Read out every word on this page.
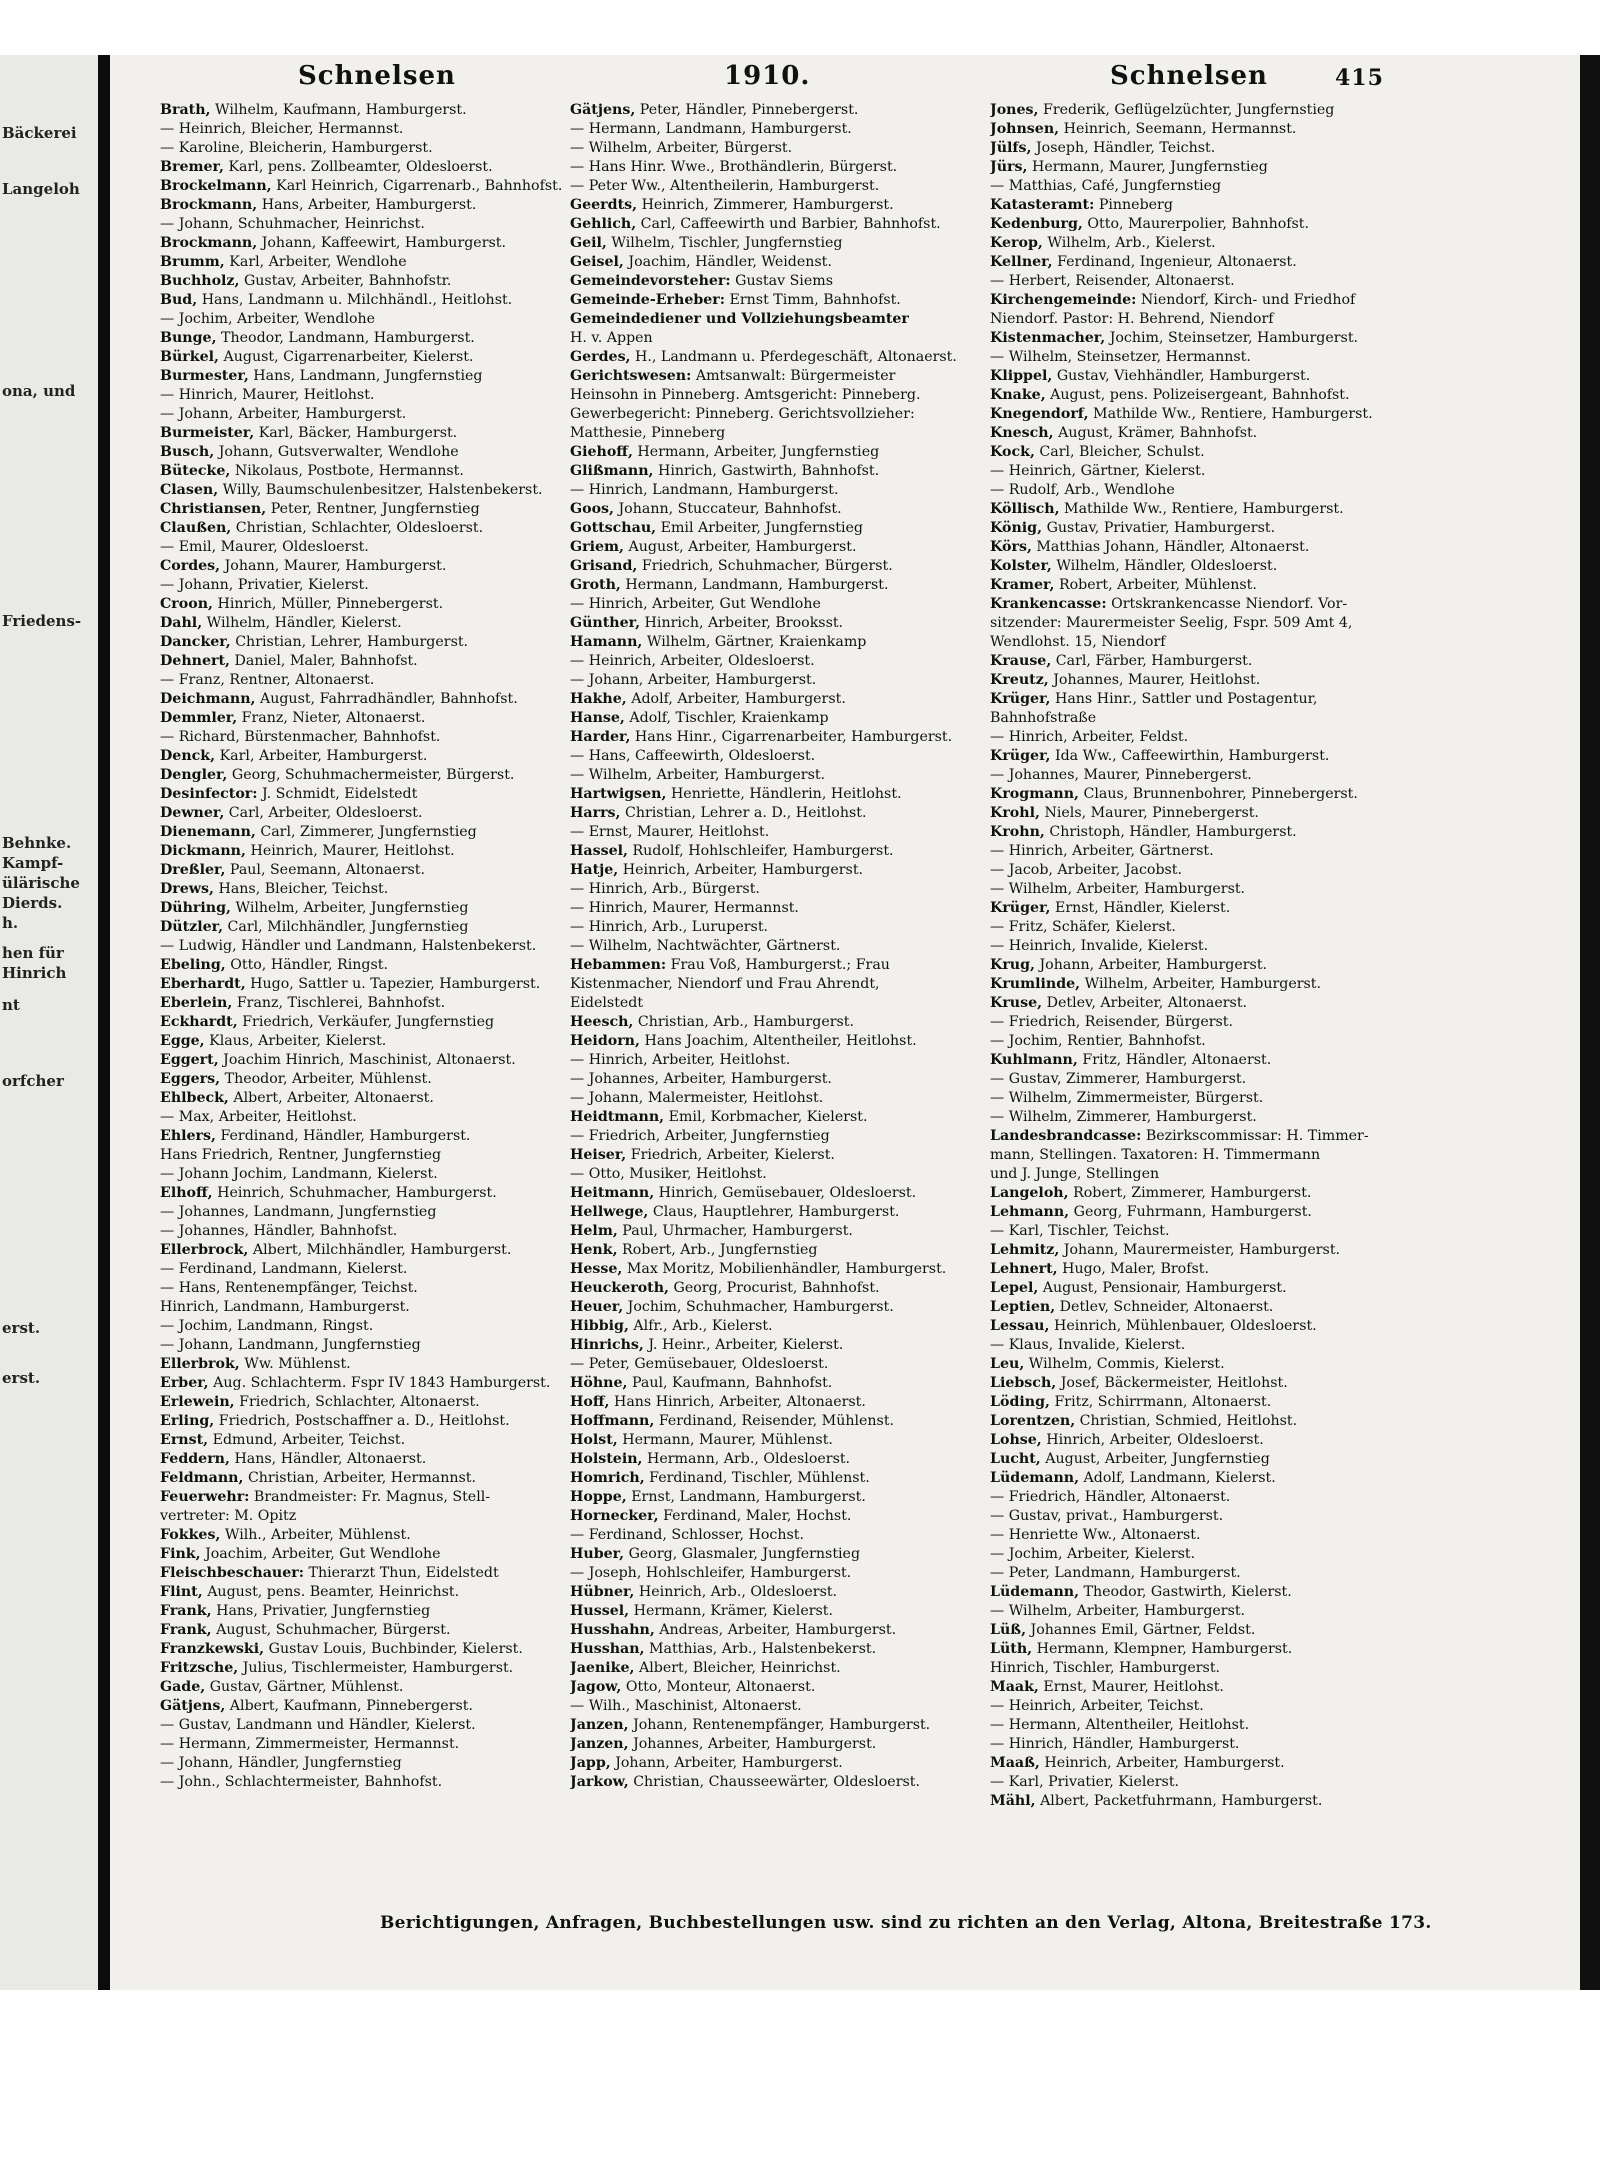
Bäckerei
Langeloh
ona, und
Friedens-
Behnke.
Kampf-
ülärische
Dierds.
h.
hen für
Hinrich
nt
orfcher
erst.
erst.
Schnelsen	1910.	Schnelsen	415
Brath, Wilhelm, Kaufmann, Hamburgerst.
— Heinrich, Bleicher, Hermannst.
— Karoline, Bleicherin, Hamburgerst.
Bremer, Karl, pens. Zollbeamter, Oldesloerst.
Brockelmann, Karl Heinrich, Cigarrenarb., Bahnhofst.
Brockmann, Hans, Arbeiter, Hamburgerst.
— Johann, Schuhmacher, Heinrichst.
Brockmann, Johann, Kaffeewirt, Hamburgerst.
Brumm, Karl, Arbeiter, Wendlohe
Buchholz, Gustav, Arbeiter, Bahnhofstr.
Bud, Hans, Landmann u. Milchhändl., Heitlohst.
— Jochim, Arbeiter, Wendlohe
Bunge, Theodor, Landmann, Hamburgerst.
Bürkel, August, Cigarrenarbeiter, Kielerst.
Burmester, Hans, Landmann, Jungfernstieg
— Hinrich, Maurer, Heitlohst.
— Johann, Arbeiter, Hamburgerst.
Burmeister, Karl, Bäcker, Hamburgerst.
Busch, Johann, Gutsverwalter, Wendlohe
Bütecke, Nikolaus, Postbote, Hermannst.
Clasen, Willy, Baumschulenbesitzer, Halstenbekerst.
Christiansen, Peter, Rentner, Jungfernstieg
Claußen, Christian, Schlachter, Oldesloerst.
— Emil, Maurer, Oldesloerst.
Cordes, Johann, Maurer, Hamburgerst.
— Johann, Privatier, Kielerst.
Croon, Hinrich, Müller, Pinnebergerst.
Dahl, Wilhelm, Händler, Kielerst.
Dancker, Christian, Lehrer, Hamburgerst.
Dehnert, Daniel, Maler, Bahnhofst.
— Franz, Rentner, Altonaerst.
Deichmann, August, Fahrradhändler, Bahnhofst.
Demmler, Franz, Nieter, Altonaerst.
— Richard, Bürstenmacher, Bahnhofst.
Denck, Karl, Arbeiter, Hamburgerst.
Dengler, Georg, Schuhmachermeister, Bürgerst.
Desinfector: J. Schmidt, Eidelstedt
Dewner, Carl, Arbeiter, Oldesloerst.
Dienemann, Carl, Zimmerer, Jungfernstieg
Dickmann, Heinrich, Maurer, Heitlohst.
Dreßler, Paul, Seemann, Altonaerst.
Drews, Hans, Bleicher, Teichst.
Dühring, Wilhelm, Arbeiter, Jungfernstieg
Dützler, Carl, Milchhändler, Jungfernstieg
— Ludwig, Händler und Landmann, Halstenbekerst.
Ebeling, Otto, Händler, Ringst.
Eberhardt, Hugo, Sattler u. Tapezier, Hamburgerst.
Eberlein, Franz, Tischlerei, Bahnhofst.
Eckhardt, Friedrich, Verkäufer, Jungfernstieg
Egge, Klaus, Arbeiter, Kielerst.
Eggert, Joachim Hinrich, Maschinist, Altonaerst.
Eggers, Theodor, Arbeiter, Mühlenst.
Ehlbeck, Albert, Arbeiter, Altonaerst.
— Max, Arbeiter, Heitlohst.
Ehlers, Ferdinand, Händler, Hamburgerst.
Hans Friedrich, Rentner, Jungfernstieg
— Johann Jochim, Landmann, Kielerst.
Elhoff, Heinrich, Schuhmacher, Hamburgerst.
— Johannes, Landmann, Jungfernstieg
— Johannes, Händler, Bahnhofst.
Ellerbrock, Albert, Milchhändler, Hamburgerst.
— Ferdinand, Landmann, Kielerst.
— Hans, Rentenempfänger, Teichst.
Hinrich, Landmann, Hamburgerst.
— Jochim, Landmann, Ringst.
— Johann, Landmann, Jungfernstieg
Ellerbrok, Ww. Mühlenst.
Erber, Aug. Schlachterm. Fspr IV 1843 Hamburgerst.
Erlewein, Friedrich, Schlachter, Altonaerst.
Erling, Friedrich, Postschaffner a. D., Heitlohst.
Ernst, Edmund, Arbeiter, Teichst.
Feddern, Hans, Händler, Altonaerst.
Feldmann, Christian, Arbeiter, Hermannst.
Feuerwehr: Brandmeister: Fr. Magnus, Stell-
vertreter: M. Opitz
Fokkes, Wilh., Arbeiter, Mühlenst.
Fink, Joachim, Arbeiter, Gut Wendlohe
Fleischbeschauer: Thierarzt Thun, Eidelstedt
Flint, August, pens. Beamter, Heinrichst.
Frank, Hans, Privatier, Jungfernstieg
Frank, August, Schuhmacher, Bürgerst.
Franzkewski, Gustav Louis, Buchbinder, Kielerst.
Fritzsche, Julius, Tischlermeister, Hamburgerst.
Gade, Gustav, Gärtner, Mühlenst.
Gätjens, Albert, Kaufmann, Pinnebergerst.
— Gustav, Landmann und Händler, Kielerst.
— Hermann, Zimmermeister, Hermannst.
— Johann, Händler, Jungfernstieg
— John., Schlachtermeister, Bahnhofst.
Gätjens, Peter, Händler, Pinnebergerst.
— Hermann, Landmann, Hamburgerst.
— Wilhelm, Arbeiter, Bürgerst.
— Hans Hinr. Wwe., Brothändlerin, Bürgerst.
— Peter Ww., Altentheilerin, Hamburgerst.
Geerdts, Heinrich, Zimmerer, Hamburgerst.
Gehlich, Carl, Caffeewirth und Barbier, Bahnhofst.
Geil, Wilhelm, Tischler, Jungfernstieg
Geisel, Joachim, Händler, Weidenst.
Gemeindevorsteher: Gustav Siems
Gemeinde-Erheber: Ernst Timm, Bahnhofst.
Gemeindediener und Vollziehungsbeamter
H. v. Appen
Gerdes, H., Landmann u. Pferdegeschäft, Altonaerst.
Gerichtswesen: Amtsanwalt: Bürgermeister
Heinsohn in Pinneberg. Amtsgericht: Pinneberg.
Gewerbegericht: Pinneberg. Gerichtsvollzieher:
Matthesie, Pinneberg
Giehoff, Hermann, Arbeiter, Jungfernstieg
Glißmann, Hinrich, Gastwirth, Bahnhofst.
— Hinrich, Landmann, Hamburgerst.
Goos, Johann, Stuccateur, Bahnhofst.
Gottschau, Emil Arbeiter, Jungfernstieg
Griem, August, Arbeiter, Hamburgerst.
Grisand, Friedrich, Schuhmacher, Bürgerst.
Groth, Hermann, Landmann, Hamburgerst.
— Hinrich, Arbeiter, Gut Wendlohe
Günther, Hinrich, Arbeiter, Brooksst.
Hamann, Wilhelm, Gärtner, Kraienkamp
— Heinrich, Arbeiter, Oldesloerst.
— Johann, Arbeiter, Hamburgerst.
Hakhe, Adolf, Arbeiter, Hamburgerst.
Hanse, Adolf, Tischler, Kraienkamp
Harder, Hans Hinr., Cigarrenarbeiter, Hamburgerst.
— Hans, Caffeewirth, Oldesloerst.
— Wilhelm, Arbeiter, Hamburgerst.
Hartwigsen, Henriette, Händlerin, Heitlohst.
Harrs, Christian, Lehrer a. D., Heitlohst.
— Ernst, Maurer, Heitlohst.
Hassel, Rudolf, Hohlschleifer, Hamburgerst.
Hatje, Heinrich, Arbeiter, Hamburgerst.
— Hinrich, Arb., Bürgerst.
— Hinrich, Maurer, Hermannst.
— Hinrich, Arb., Luruperst.
— Wilhelm, Nachtwächter, Gärtnerst.
Hebammen: Frau Voß, Hamburgerst.; Frau
Kistenmacher, Niendorf und Frau Ahrendt,
Eidelstedt
Heesch, Christian, Arb., Hamburgerst.
Heidorn, Hans Joachim, Altentheiler, Heitlohst.
— Hinrich, Arbeiter, Heitlohst.
— Johannes, Arbeiter, Hamburgerst.
— Johann, Malermeister, Heitlohst.
Heidtmann, Emil, Korbmacher, Kielerst.
— Friedrich, Arbeiter, Jungfernstieg
Heiser, Friedrich, Arbeiter, Kielerst.
— Otto, Musiker, Heitlohst.
Heitmann, Hinrich, Gemüsebauer, Oldesloerst.
Hellwege, Claus, Hauptlehrer, Hamburgerst.
Helm, Paul, Uhrmacher, Hamburgerst.
Henk, Robert, Arb., Jungfernstieg
Hesse, Max Moritz, Mobilienhändler, Hamburgerst.
Heuckeroth, Georg, Procurist, Bahnhofst.
Heuer, Jochim, Schuhmacher, Hamburgerst.
Hibbig, Alfr., Arb., Kielerst.
Hinrichs, J. Heinr., Arbeiter, Kielerst.
— Peter, Gemüsebauer, Oldesloerst.
Höhne, Paul, Kaufmann, Bahnhofst.
Hoff, Hans Hinrich, Arbeiter, Altonaerst.
Hoffmann, Ferdinand, Reisender, Mühlenst.
Holst, Hermann, Maurer, Mühlenst.
Holstein, Hermann, Arb., Oldesloerst.
Homrich, Ferdinand, Tischler, Mühlenst.
Hoppe, Ernst, Landmann, Hamburgerst.
Hornecker, Ferdinand, Maler, Hochst.
— Ferdinand, Schlosser, Hochst.
Huber, Georg, Glasmaler, Jungfernstieg
— Joseph, Hohlschleifer, Hamburgerst.
Hübner, Heinrich, Arb., Oldesloerst.
Hussel, Hermann, Krämer, Kielerst.
Husshahn, Andreas, Arbeiter, Hamburgerst.
Husshan, Matthias, Arb., Halstenbekerst.
Jaenike, Albert, Bleicher, Heinrichst.
Jagow, Otto, Monteur, Altonaerst.
— Wilh., Maschinist, Altonaerst.
Janzen, Johann, Rentenempfänger, Hamburgerst.
Janzen, Johannes, Arbeiter, Hamburgerst.
Japp, Johann, Arbeiter, Hamburgerst.
Jarkow, Christian, Chausseewärter, Oldesloerst.
Jones, Frederik, Geflügelzüchter, Jungfernstieg
Johnsen, Heinrich, Seemann, Hermannst.
Jülfs, Joseph, Händler, Teichst.
Jürs, Hermann, Maurer, Jungfernstieg
— Matthias, Café, Jungfernstieg
Katasteramt: Pinneberg
Kedenburg, Otto, Maurerpolier, Bahnhofst.
Kerop, Wilhelm, Arb., Kielerst.
Kellner, Ferdinand, Ingenieur, Altonaerst.
— Herbert, Reisender, Altonaerst.
Kirchengemeinde: Niendorf, Kirch- und Friedhof
Niendorf. Pastor: H. Behrend, Niendorf
Kistenmacher, Jochim, Steinsetzer, Hamburgerst.
— Wilhelm, Steinsetzer, Hermannst.
Klippel, Gustav, Viehhändler, Hamburgerst.
Knake, August, pens. Polizeisergeant, Bahnhofst.
Knegendorf, Mathilde Ww., Rentiere, Hamburgerst.
Knesch, August, Krämer, Bahnhofst.
Kock, Carl, Bleicher, Schulst.
— Heinrich, Gärtner, Kielerst.
— Rudolf, Arb., Wendlohe
Köllisch, Mathilde Ww., Rentiere, Hamburgerst.
König, Gustav, Privatier, Hamburgerst.
Körs, Matthias Johann, Händler, Altonaerst.
Kolster, Wilhelm, Händler, Oldesloerst.
Kramer, Robert, Arbeiter, Mühlenst.
Krankencasse: Ortskrankencasse Niendorf. Vor-
sitzender: Maurermeister Seelig, Fspr. 509 Amt 4,
Wendlohst. 15, Niendorf
Krause, Carl, Färber, Hamburgerst.
Kreutz, Johannes, Maurer, Heitlohst.
Krüger, Hans Hinr., Sattler und Postagentur,
Bahnhofstraße
— Hinrich, Arbeiter, Feldst.
Krüger, Ida Ww., Caffeewirthin, Hamburgerst.
— Johannes, Maurer, Pinnebergerst.
Krogmann, Claus, Brunnenbohrer, Pinnebergerst.
Krohl, Niels, Maurer, Pinnebergerst.
Krohn, Christoph, Händler, Hamburgerst.
— Hinrich, Arbeiter, Gärtnerst.
— Jacob, Arbeiter, Jacobst.
— Wilhelm, Arbeiter, Hamburgerst.
Krüger, Ernst, Händler, Kielerst.
— Fritz, Schäfer, Kielerst.
— Heinrich, Invalide, Kielerst.
Krug, Johann, Arbeiter, Hamburgerst.
Krumlinde, Wilhelm, Arbeiter, Hamburgerst.
Kruse, Detlev, Arbeiter, Altonaerst.
— Friedrich, Reisender, Bürgerst.
— Jochim, Rentier, Bahnhofst.
Kuhlmann, Fritz, Händler, Altonaerst.
— Gustav, Zimmerer, Hamburgerst.
— Wilhelm, Zimmermeister, Bürgerst.
— Wilhelm, Zimmerer, Hamburgerst.
Landesbrandcasse: Bezirkscommissar: H. Timmer-
mann, Stellingen. Taxatoren: H. Timmermann
und J. Junge, Stellingen
Langeloh, Robert, Zimmerer, Hamburgerst.
Lehmann, Georg, Fuhrmann, Hamburgerst.
— Karl, Tischler, Teichst.
Lehmitz, Johann, Maurermeister, Hamburgerst.
Lehnert, Hugo, Maler, Brofst.
Lepel, August, Pensionair, Hamburgerst.
Leptien, Detlev, Schneider, Altonaerst.
Lessau, Heinrich, Mühlenbauer, Oldesloerst.
— Klaus, Invalide, Kielerst.
Leu, Wilhelm, Commis, Kielerst.
Liebsch, Josef, Bäckermeister, Heitlohst.
Löding, Fritz, Schirrmann, Altonaerst.
Lorentzen, Christian, Schmied, Heitlohst.
Lohse, Hinrich, Arbeiter, Oldesloerst.
Lucht, August, Arbeiter, Jungfernstieg
Lüdemann, Adolf, Landmann, Kielerst.
— Friedrich, Händler, Altonaerst.
— Gustav, privat., Hamburgerst.
— Henriette Ww., Altonaerst.
— Jochim, Arbeiter, Kielerst.
— Peter, Landmann, Hamburgerst.
Lüdemann, Theodor, Gastwirth, Kielerst.
— Wilhelm, Arbeiter, Hamburgerst.
Lüß, Johannes Emil, Gärtner, Feldst.
Lüth, Hermann, Klempner, Hamburgerst.
Hinrich, Tischler, Hamburgerst.
Maak, Ernst, Maurer, Heitlohst.
— Heinrich, Arbeiter, Teichst.
— Hermann, Altentheiler, Heitlohst.
— Hinrich, Händler, Hamburgerst.
Maaß, Heinrich, Arbeiter, Hamburgerst.
— Karl, Privatier, Kielerst.
Mähl, Albert, Packetfuhrmann, Hamburgerst.
Berichtigungen, Anfragen, Buchbestellungen usw. sind zu richten an den Verlag, Altona, Breitestraße 173.
